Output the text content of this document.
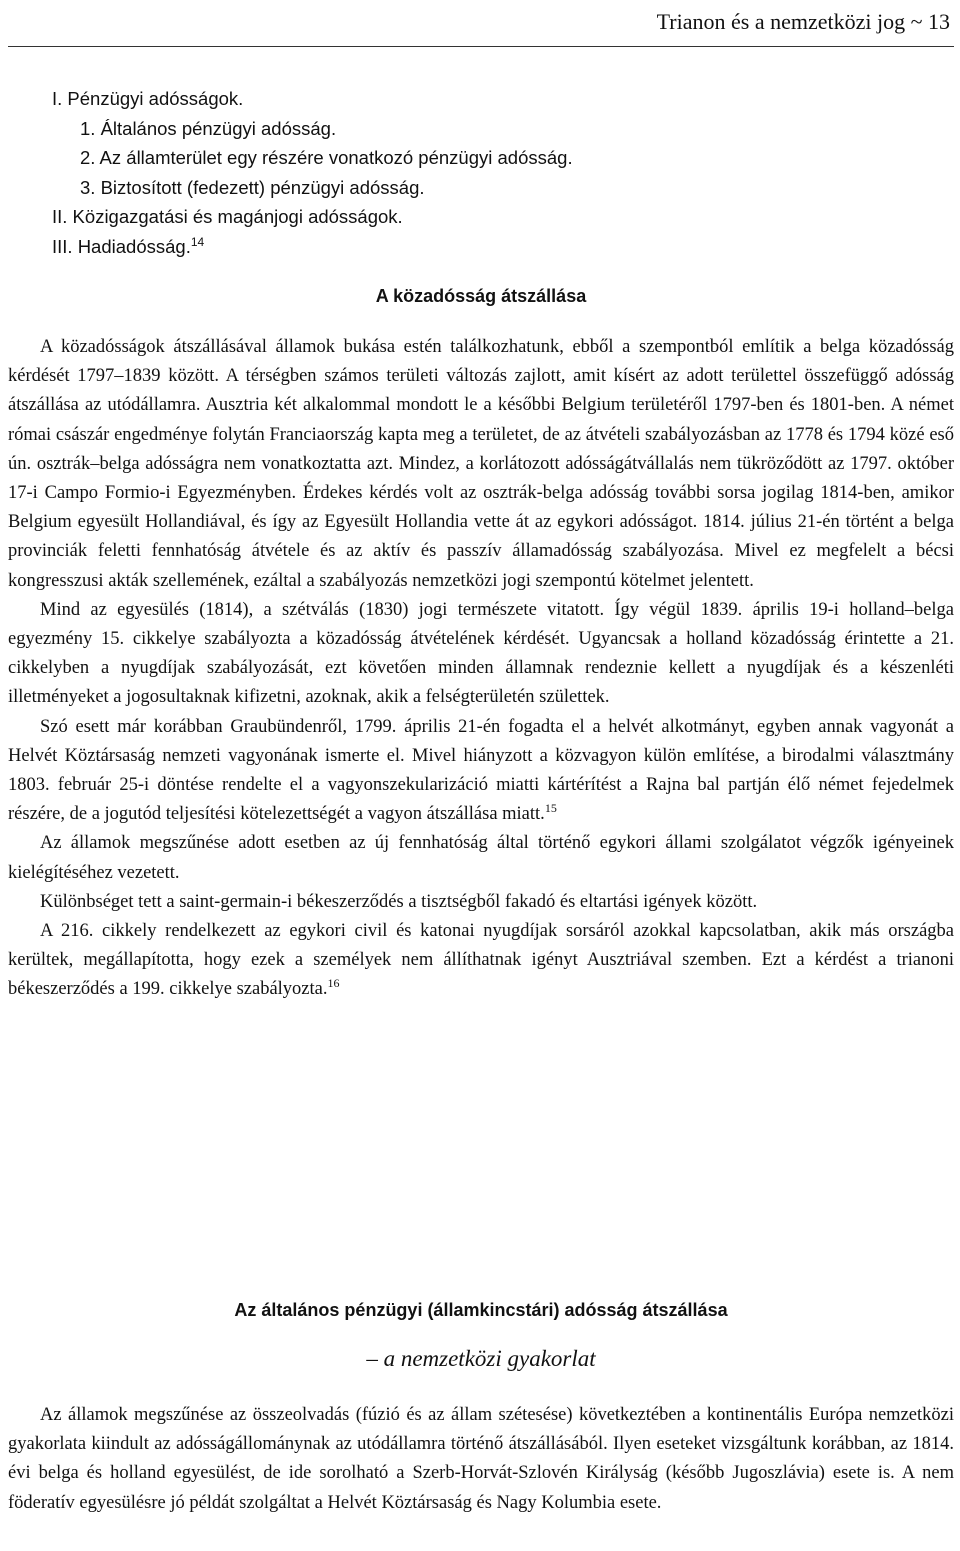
Trianon és a nemzetközi jog ~ 13
I. Pénzügyi adósságok.
1. Általános pénzügyi adósság.
2. Az államterület egy részére vonatkozó pénzügyi adósság.
3. Biztosított (fedezett) pénzügyi adósság.
II. Közigazgatási és magánjogi adósságok.
III. Hadiadósság.$^{14}$
A közadósság átszállása

A közadósságok átszállásával államok bukása estén találkozhatunk, ebből a szempontból említik a belga közadósság kérdését 1797–1839 között. A térségben számos területi változás zajlott, amit kísért az adott területtel összefüggő adósság átszállása az utódállamra. Ausztria két alkalommal mondott le a későbbi Belgium területéről 1797-ben és 1801-ben. A német római császár engedménye folytán Franciaország kapta meg a területet, de az átvételi szabályozásban az 1778 és 1794 közé eső ún. osztrák–belga adósságra nem vonatkoztatta azt. Mindez, a korlátozott adósságátvállalás nem tükröződött az 1797. október 17-i Campo Formio-i Egyezményben. Érdekes kérdés volt az osztrák-belga adósság további sorsa jogilag 1814-ben, amikor Belgium egyesült Hollandiával, és így az Egyesült Hollandia vette át az egykori adósságot. 1814. július 21-én történt a belga provinciák feletti fennhatóság átvétele és az aktív és passzív államadósság szabályozása. Mivel ez megfelelt a bécsi kongresszusi akták szellemének, ezáltal a szabályozás nemzetközi jogi szempontú kötelmet jelentett.

Mind az egyesülés (1814), a szétválás (1830) jogi természete vitatott. Így végül 1839. április 19-i holland–belga egyezmény 15. cikkelye szabályozta a közadósság átvételének kérdését. Ugyancsak a holland közadósság érintette a 21. cikkelyben a nyugdíjak szabályozását, ezt követően minden államnak rendeznie kellett a nyugdíjak és a készenléti illetményeket a jogosultaknak kifizetni, azoknak, akik a felségterületén születtek.

Szó esett már korábban Graubündenről, 1799. április 21-én fogadta el a helvét alkotmányt, egyben annak vagyonát a Helvét Köztársaság nemzeti vagyonának ismerte el. Mivel hiányzott a közvagyon külön említése, a birodalmi választmány 1803. február 25-i döntése rendelte el a vagyonszekularizáció miatti kártérítést a Rajna bal partján élő német fejedelmek részére, de a jogutód teljesítési kötelezettségét a vagyon átszállása miatt.$^{15}$

Az államok megszűnése adott esetben az új fennhatóság által történő egykori állami szolgálatot végzők igényeinek kielégítéséhez vezetett.

Különbséget tett a saint-germain-i békeszerződés a tisztségből fakadó és eltartási igények között.

A 216. cikkely rendelkezett az egykori civil és katonai nyugdíjak sorsáról azokkal kapcsolatban, akik más országba kerültek, megállapította, hogy ezek a személyek nem állíthatnak igényt Ausztriával szemben. Ezt a kérdést a trianoni békeszerződés a 199. cikkelye szabályozta.$^{16}$

Az általános pénzügyi (államkincstári) adósság átszállása
– a nemzetközi gyakorlat

Az államok megszűnése az összeolvadás (fúzió és az állam szétesése) következtében a kontinentális Európa nemzetközi gyakorlata kiindult az adósságállománynak az utódállamra történő átszállásából. Ilyen eseteket vizsgáltunk korábban, az 1814. évi belga és holland egyesülést, de ide sorolható a Szerb-Horvát-Szlovén Királyság (később Jugoszlávia) esete is. A nem föderatív egyesülésre jó példát szolgáltat a Helvét Köztársaság és Nagy Kolumbia esete.
